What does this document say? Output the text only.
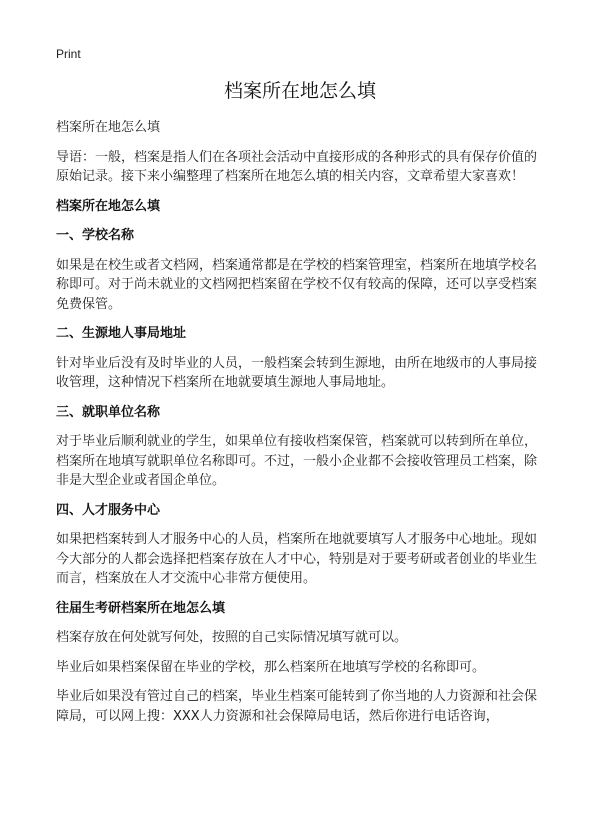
Print
档案所在地怎么填

档案所在地怎么填

导语：一般，档案是指人们在各项社会活动中直接形成的各种形式的具有保存价值的原始记录。接下来小编整理了档案所在地怎么填的相关内容，文章希望大家喜欢！

档案所在地怎么填

一、学校名称

如果是在校生或者文档网，档案通常都是在学校的档案管理室，档案所在地填学校名称即可。对于尚未就业的文档网把档案留在学校不仅有较高的保障，还可以享受档案免费保管。

二、生源地人事局地址

针对毕业后没有及时毕业的人员，一般档案会转到生源地，由所在地级市的人事局接收管理，这种情况下档案所在地就要填生源地人事局地址。

三、就职单位名称

对于毕业后顺利就业的学生，如果单位有接收档案保管，档案就可以转到所在单位，档案所在地填写就职单位名称即可。不过，一般小企业都不会接收管理员工档案，除非是大型企业或者国企单位。

四、人才服务中心

如果把档案转到人才服务中心的人员，档案所在地就要填写人才服务中心地址。现如今大部分的人都会选择把档案存放在人才中心，特别是对于要考研或者创业的毕业生而言，档案放在人才交流中心非常方便使用。

往届生考研档案所在地怎么填

档案存放在何处就写何处，按照的自己实际情况填写就可以。

毕业后如果档案保留在毕业的学校，那么档案所在地填写学校的名称即可。

毕业后如果没有管过自己的档案，毕业生档案可能转到了你当地的人力资源和社会保障局，可以网上搜：XXX人力资源和社会保障局电话，然后你进行电话咨询，
